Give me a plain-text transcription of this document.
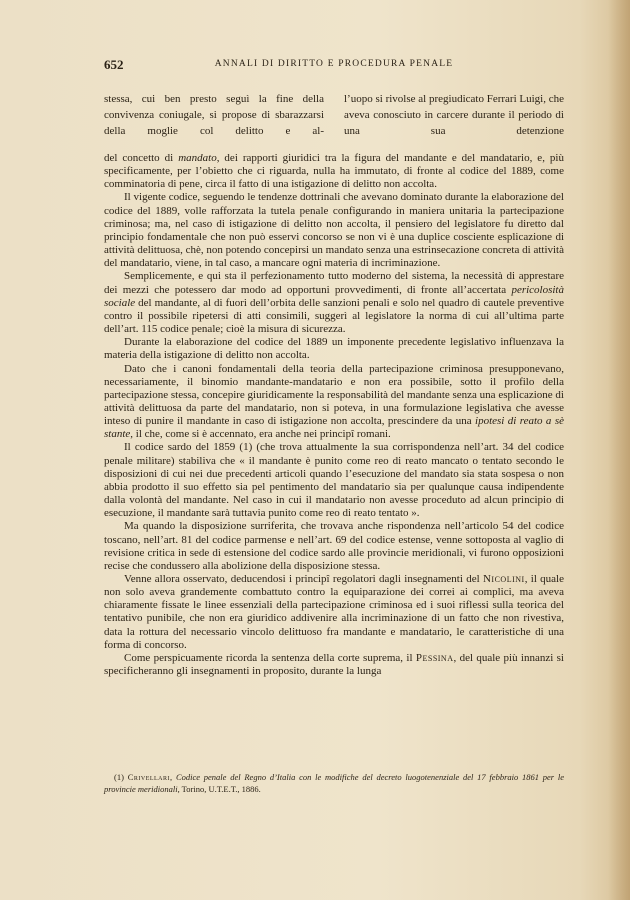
652	ANNALI DI DIRITTO E PROCEDURA PENALE
stessa, cui ben presto seguì la fine della convivenza coniugale, si propose di sbarazzarsi della moglie col delitto e al-
l’uopo si rivolse al pregiudicato Ferrari Luigi, che aveva conosciuto in carcere durante il periodo di una sua detenzione

del concetto di mandato, dei rapporti giuridici tra la figura del mandante e del mandatario, e, più specificamente, per l’obietto che ci riguarda, nulla ha immutato, di fronte al codice del 1889, come comminatoria di pene, circa il fatto di una istigazione di delitto non accolta.

Il vigente codice, seguendo le tendenze dottrinali che avevano dominato durante la elaborazione del codice del 1889, volle rafforzata la tutela penale configurando in maniera unitaria la partecipazione criminosa; ma, nel caso di istigazione di delitto non accolta, il pensiero del legislatore fu diretto dal principio fondamentale che non può esservi concorso se non vi è una duplice cosciente esplicazione di attività delittuosa, chè, non potendo concepirsi un mandato senza una estrinsecazione concreta di attività del mandatario, viene, in tal caso, a mancare ogni materia di incriminazione.

Semplicemente, e qui sta il perfezionamento tutto moderno del sistema, la necessità di apprestare dei mezzi che potessero dar modo ad opportuni provvedimenti, di fronte all’accertata pericolosità sociale del mandante, al di fuori dell’orbita delle sanzioni penali e solo nel quadro di cautele preventive contro il possibile ripetersi di atti consimili, suggerì al legislatore la norma di cui all’ultima parte dell’art. 115 codice penale; cioè la misura di sicurezza.

Durante la elaborazione del codice del 1889 un imponente precedente legislativo influenzava la materia della istigazione di delitto non accolta.

Dato che i canoni fondamentali della teoria della partecipazione criminosa presupponevano, necessariamente, il binomio mandante-mandatario e non era possibile, sotto il profilo della partecipazione stessa, concepire giuridicamente la responsabilità del mandante senza una esplicazione di attività delittuosa da parte del mandatario, non si poteva, in una formulazione legislativa che avesse inteso di punire il mandante in caso di istigazione non accolta, prescindere da una ipotesi di reato a sè stante, il che, come si è accennato, era anche nei principî romani.

Il codice sardo del 1859 (1) (che trova attualmente la sua corrispondenza nell’art. 34 del codice penale militare) stabiliva che « il mandante è punito come reo di reato mancato o tentato secondo le disposizioni di cui nei due precedenti articoli quando l’esecuzione del mandato sia stata sospesa o non abbia prodotto il suo effetto sia pel pentimento del mandatario sia per qualunque causa indipendente dalla volontà del mandante. Nel caso in cui il mandatario non avesse proceduto ad alcun principio di esecuzione, il mandante sarà tuttavia punito come reo di reato tentato ».

Ma quando la disposizione surriferita, che trovava anche rispondenza nell’articolo 54 del codice toscano, nell’art. 81 del codice parmense e nell’art. 69 del codice estense, venne sottoposta al vaglio di revisione critica in sede di estensione del codice sardo alle provincie meridionali, vi furono opposizioni recise che condussero alla abolizione della disposizione stessa.

Venne allora osservato, deducendosi i principî regolatori dagli insegnamenti del Nicolini, il quale non solo aveva grandemente combattuto contro la equiparazione dei correi ai complici, ma aveva chiaramente fissate le linee essenziali della partecipazione criminosa ed i suoi riflessi sulla teorica del tentativo punibile, che non era giuridico addivenire alla incriminazione di un fatto che non rivestiva, data la rottura del necessario vincolo delittuoso fra mandante e mandatario, le caratteristiche di una forma di concorso.

Come perspicuamente ricorda la sentenza della corte suprema, il Pessina, del quale più innanzi si specificheranno gli insegnamenti in proposito, durante la lunga

(1) Crivellari, Codice penale del Regno d’Italia con le modifiche del decreto luogotenenziale del 17 febbraio 1861 per le provincie meridionali, Torino, U.T.E.T., 1886.
